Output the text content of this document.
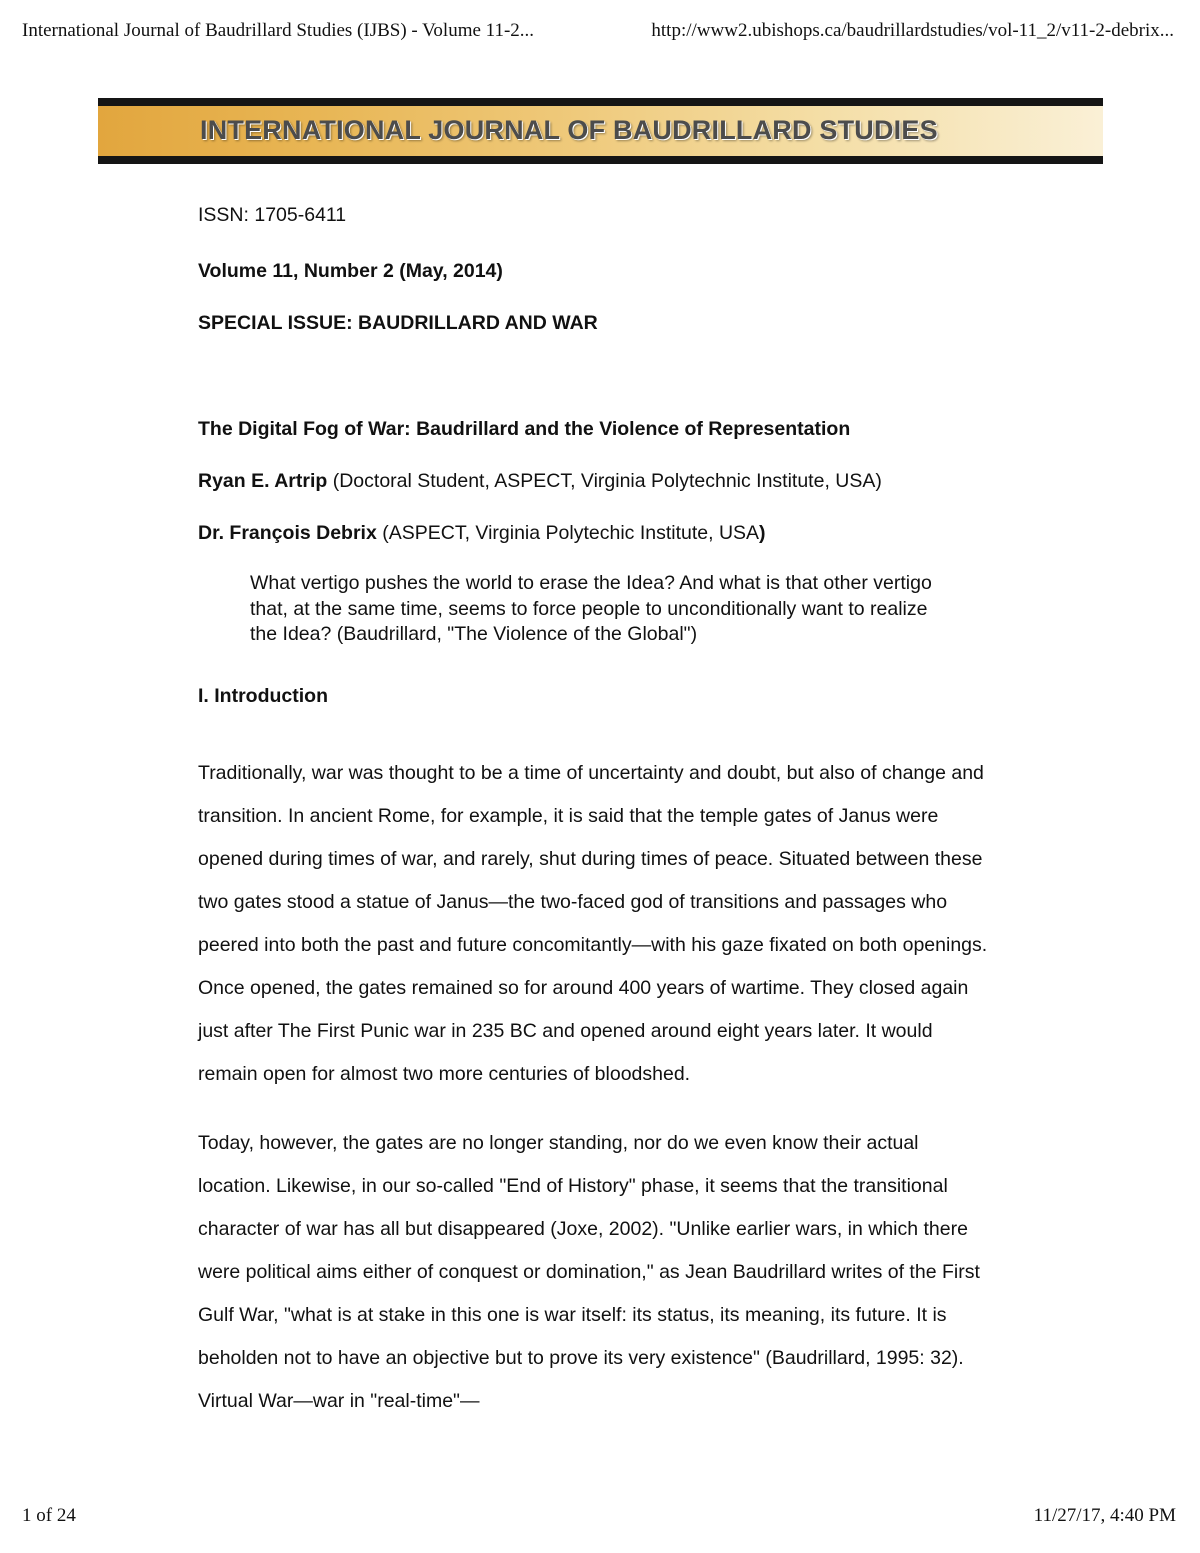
International Journal of Baudrillard Studies (IJBS) - Volume 11-2...	http://www2.ubishops.ca/baudrillardstudies/vol-11_2/v11-2-debrix...
INTERNATIONAL JOURNAL OF BAUDRILLARD STUDIES

ISSN: 1705-6411

Volume 11, Number 2 (May, 2014)

SPECIAL ISSUE: BAUDRILLARD AND WAR

The Digital Fog of War: Baudrillard and the Violence of Representation

Ryan E. Artrip (Doctoral Student, ASPECT, Virginia Polytechnic Institute, USA)

Dr. François Debrix (ASPECT, Virginia Polytechic Institute, USA)

What vertigo pushes the world to erase the Idea? And what is that other vertigo that, at the same time, seems to force people to unconditionally want to realize the Idea? (Baudrillard, "The Violence of the Global")

I. Introduction

Traditionally, war was thought to be a time of uncertainty and doubt, but also of change and transition. In ancient Rome, for example, it is said that the temple gates of Janus were opened during times of war, and rarely, shut during times of peace. Situated between these two gates stood a statue of Janus—the two-faced god of transitions and passages who peered into both the past and future concomitantly—with his gaze fixated on both openings. Once opened, the gates remained so for around 400 years of wartime. They closed again just after The First Punic war in 235 BC and opened around eight years later. It would remain open for almost two more centuries of bloodshed.

Today, however, the gates are no longer standing, nor do we even know their actual location. Likewise, in our so-called "End of History" phase, it seems that the transitional character of war has all but disappeared (Joxe, 2002). "Unlike earlier wars, in which there were political aims either of conquest or domination," as Jean Baudrillard writes of the First Gulf War, "what is at stake in this one is war itself: its status, its meaning, its future. It is beholden not to have an objective but to prove its very existence" (Baudrillard, 1995: 32). Virtual War—war in "real-time"—

1 of 24	11/27/17, 4:40 PM
